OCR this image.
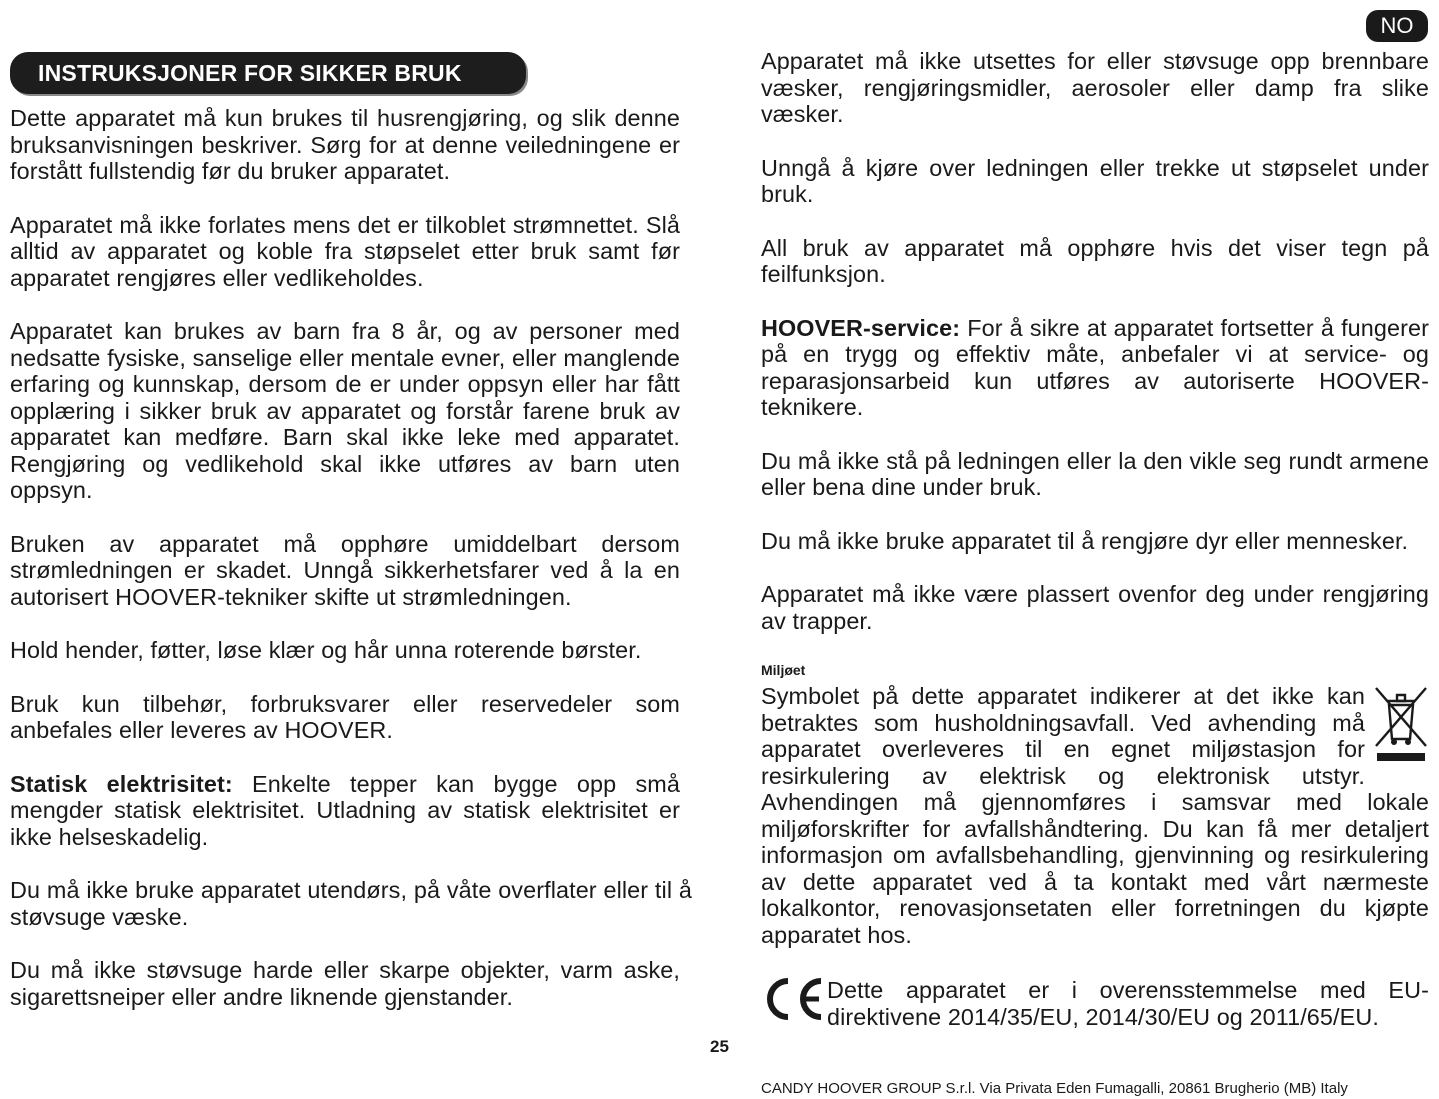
NO
INSTRUKSJONER FOR SIKKER BRUK

Dette apparatet må kun brukes til husrengjøring, og slik denne bruksanvisningen beskriver. Sørg for at denne veiledningene er forstått fullstendig før du bruker apparatet.

Apparatet må ikke forlates mens det er tilkoblet strømnettet. Slå alltid av apparatet og koble fra støpselet etter bruk samt før apparatet rengjøres eller vedlikeholdes.

Apparatet kan brukes av barn fra 8 år, og av personer med nedsatte fysiske, sanselige eller mentale evner, eller manglende erfaring og kunnskap, dersom de er under oppsyn eller har fått opplæring i sikker bruk av apparatet og forstår farene bruk av apparatet kan medføre. Barn skal ikke leke med apparatet. Rengjøring og vedlikehold skal ikke utføres av barn uten oppsyn.

Bruken av apparatet må opphøre umiddelbart dersom strømledningen er skadet. Unngå sikkerhetsfarer ved å la en autorisert HOOVER-tekniker skifte ut strømledningen.

Hold hender, føtter, løse klær og hår unna roterende børster.

Bruk kun tilbehør, forbruksvarer eller reservedeler som anbefales eller leveres av HOOVER.

Statisk elektrisitet: Enkelte tepper kan bygge opp små mengder statisk elektrisitet. Utladning av statisk elektrisitet er ikke helseskadelig.

Du må ikke bruke apparatet utendørs, på våte overflater eller til å støvsuge væske.

Du må ikke støvsuge harde eller skarpe objekter, varm aske, sigarettsneiper eller andre liknende gjenstander.

Apparatet må ikke utsettes for eller støvsuge opp brennbare væsker, rengjøringsmidler, aerosoler eller damp fra slike væsker.

Unngå å kjøre over ledningen eller trekke ut støpselet under bruk.

All bruk av apparatet må opphøre hvis det viser tegn på feilfunksjon.

HOOVER-service: For å sikre at apparatet fortsetter å fungerer på en trygg og effektiv måte, anbefaler vi at service- og reparasjonsarbeid kun utføres av autoriserte HOOVER-teknikere.

Du må ikke stå på ledningen eller la den vikle seg rundt armene eller bena dine under bruk.

Du må ikke bruke apparatet til å rengjøre dyr eller mennesker.

Apparatet må ikke være plassert ovenfor deg under rengjøring av trapper.

Miljøet

Symbolet på dette apparatet indikerer at det ikke kan betraktes som husholdningsavfall. Ved avhending må apparatet overleveres til en egnet miljøstasjon for resirkulering av elektrisk og elektronisk utstyr. Avhendingen må gjennomføres i samsvar med lokale miljøforskrifter for avfallshåndtering. Du kan få mer detaljert informasjon om avfallsbehandling, gjenvinning og resirkulering av dette apparatet ved å ta kontakt med vårt nærmeste lokalkontor, renovasjonsetaten eller forretningen du kjøpte apparatet hos.

Dette apparatet er i overensstemmelse med EU-direktivene 2014/35/EU, 2014/30/EU og 2011/65/EU.

CANDY HOOVER GROUP S.r.l. Via Privata Eden Fumagalli, 20861 Brugherio (MB) Italy
25
